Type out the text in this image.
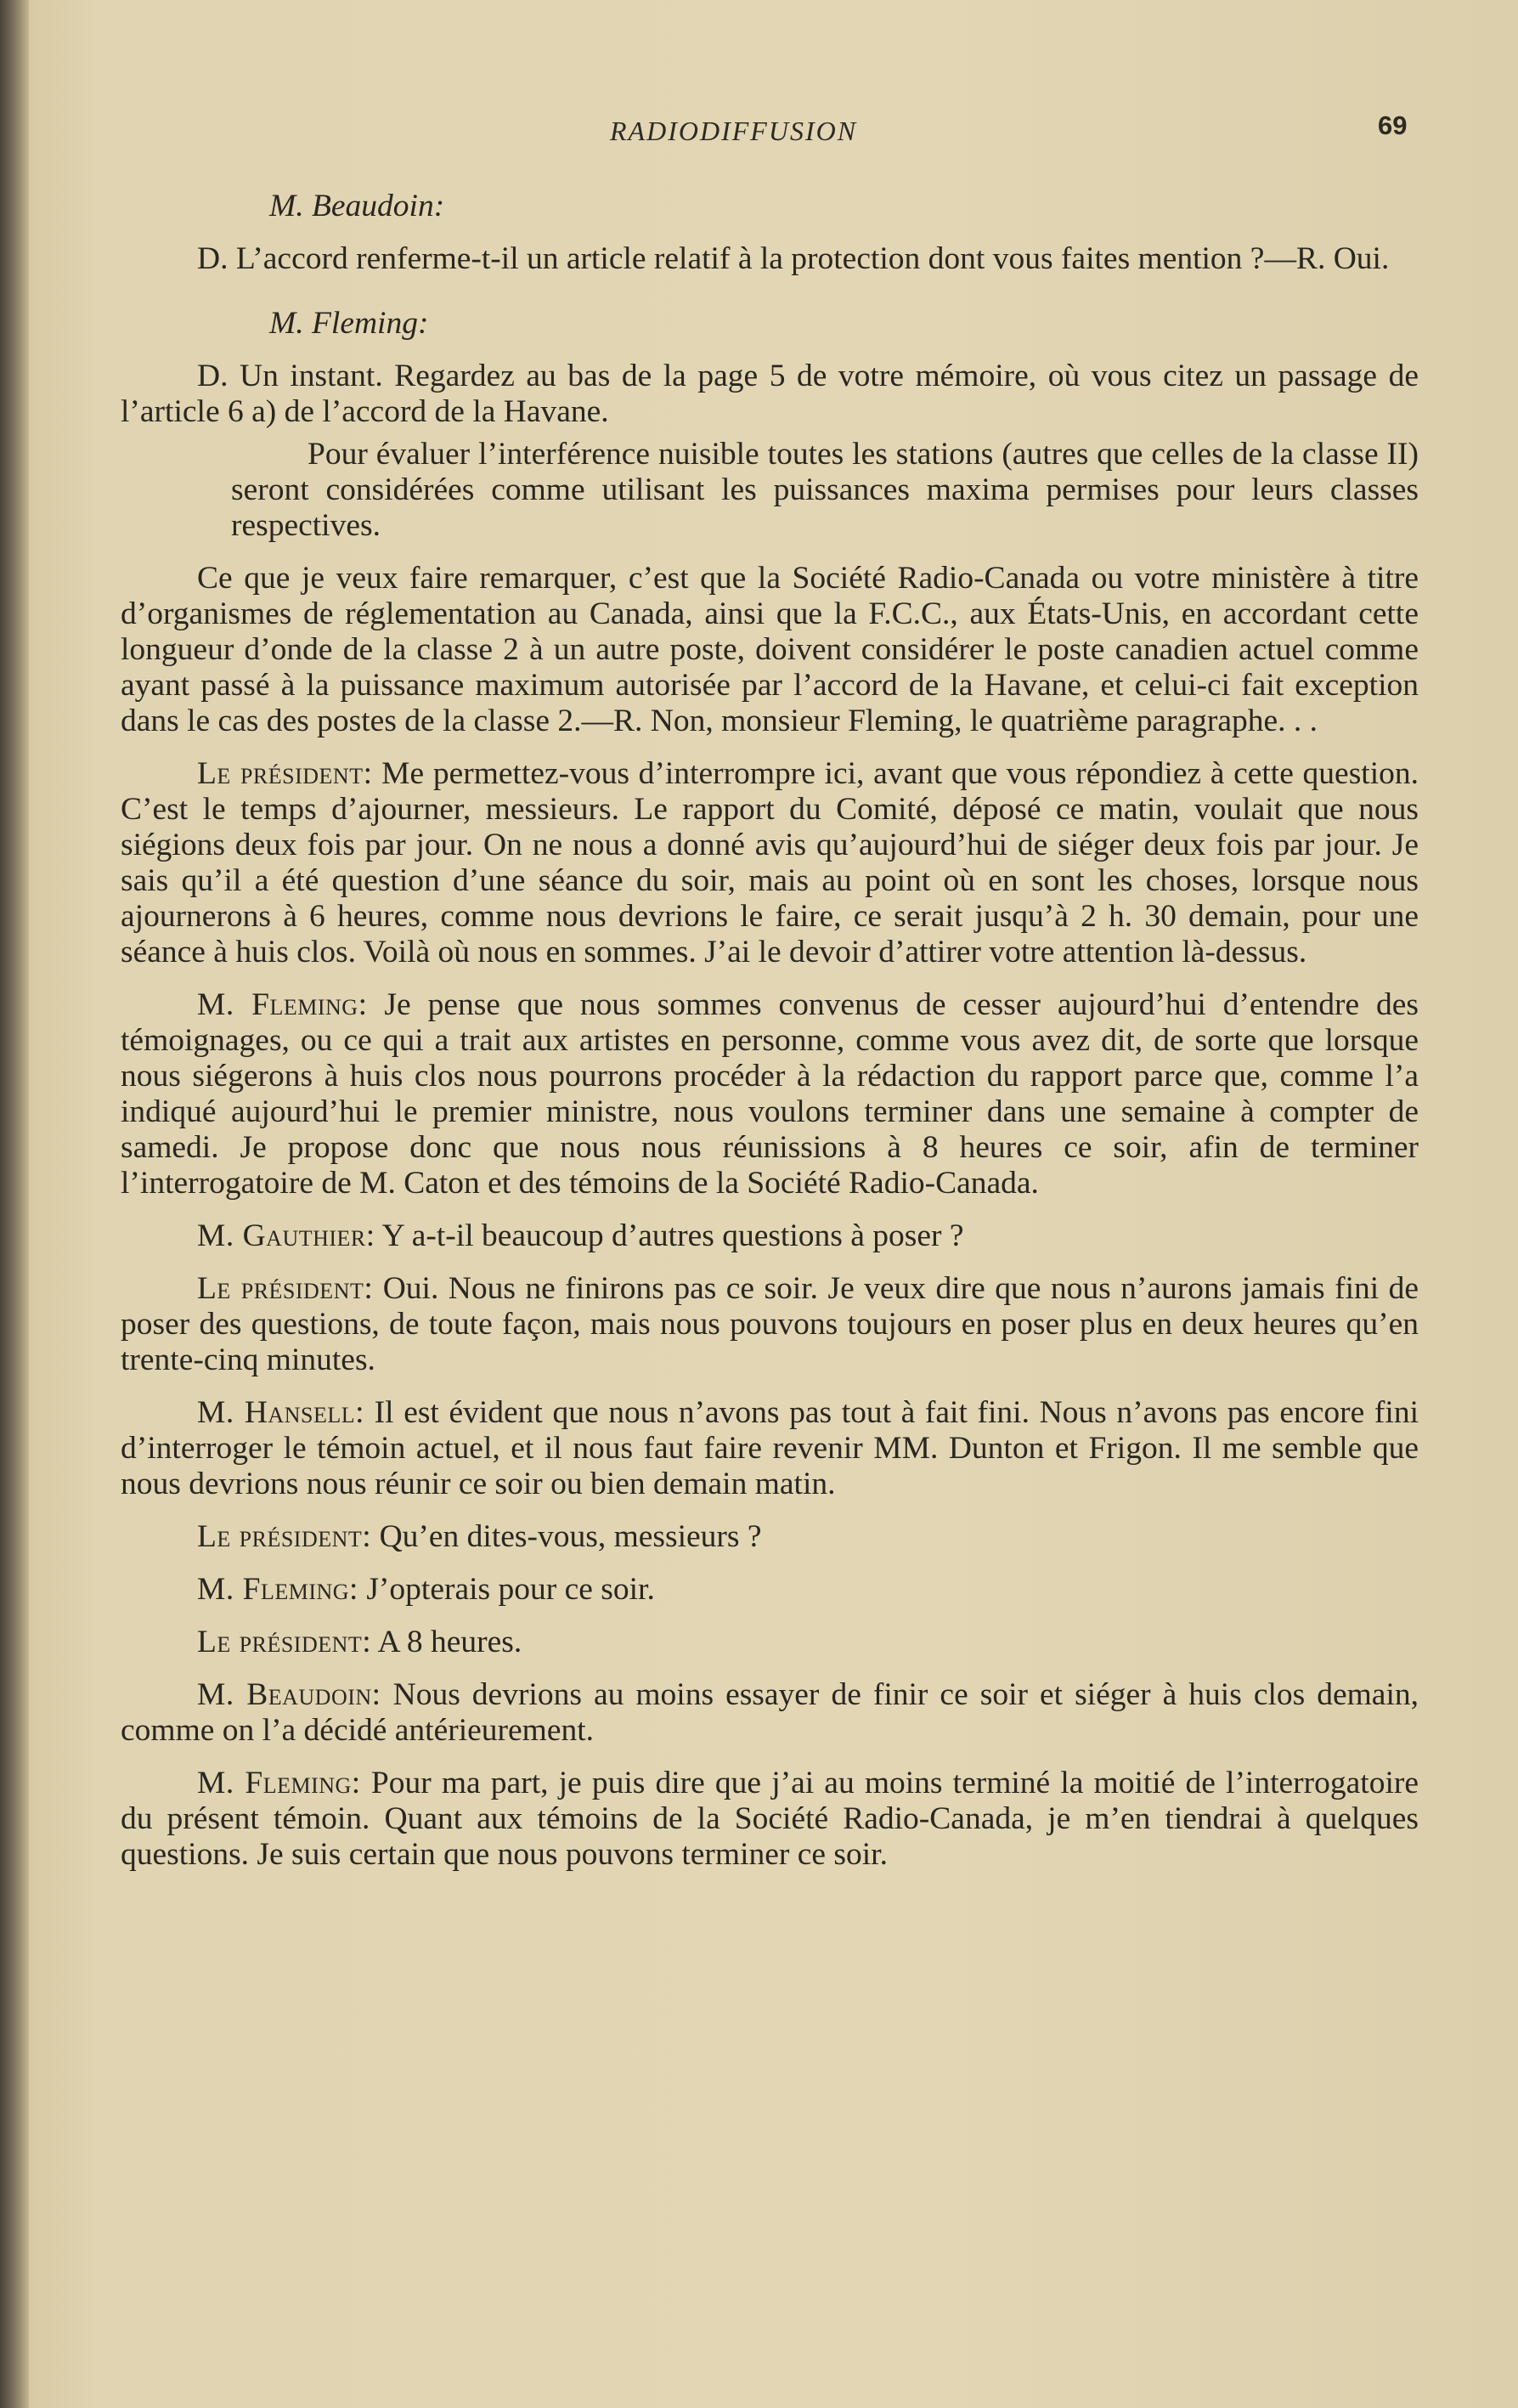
RADIODIFFUSION	69

M. Beaudoin:

D. L’accord renferme-t-il un article relatif à la protection dont vous faites mention ?—R. Oui.

M. Fleming:

D. Un instant. Regardez au bas de la page 5 de votre mémoire, où vous citez un passage de l’article 6 a) de l’accord de la Havane.

Pour évaluer l’interférence nuisible toutes les stations (autres que celles de la classe II) seront considérées comme utilisant les puissances maxima permises pour leurs classes respectives.

Ce que je veux faire remarquer, c’est que la Société Radio-Canada ou votre ministère à titre d’organismes de réglementation au Canada, ainsi que la F.C.C., aux États-Unis, en accordant cette longueur d’onde de la classe 2 à un autre poste, doivent considérer le poste canadien actuel comme ayant passé à la puissance maximum autorisée par l’accord de la Havane, et celui-ci fait exception dans le cas des postes de la classe 2.—R. Non, monsieur Fleming, le quatrième paragraphe. . .

Le président: Me permettez-vous d’interrompre ici, avant que vous répondiez à cette question. C’est le temps d’ajourner, messieurs. Le rapport du Comité, déposé ce matin, voulait que nous siégions deux fois par jour. On ne nous a donné avis qu’aujourd’hui de siéger deux fois par jour. Je sais qu’il a été question d’une séance du soir, mais au point où en sont les choses, lorsque nous ajournerons à 6 heures, comme nous devrions le faire, ce serait jusqu’à 2 h. 30 demain, pour une séance à huis clos. Voilà où nous en sommes. J’ai le devoir d’attirer votre attention là-dessus.

M. Fleming: Je pense que nous sommes convenus de cesser aujourd’hui d’entendre des témoignages, ou ce qui a trait aux artistes en personne, comme vous avez dit, de sorte que lorsque nous siégerons à huis clos nous pourrons procéder à la rédaction du rapport parce que, comme l’a indiqué aujourd’hui le premier ministre, nous voulons terminer dans une semaine à compter de samedi. Je propose donc que nous nous réunissions à 8 heures ce soir, afin de terminer l’interrogatoire de M. Caton et des témoins de la Société Radio-Canada.

M. Gauthier: Y a-t-il beaucoup d’autres questions à poser ?

Le président: Oui. Nous ne finirons pas ce soir. Je veux dire que nous n’aurons jamais fini de poser des questions, de toute façon, mais nous pouvons toujours en poser plus en deux heures qu’en trente-cinq minutes.

M. Hansell: Il est évident que nous n’avons pas tout à fait fini. Nous n’avons pas encore fini d’interroger le témoin actuel, et il nous faut faire revenir MM. Dunton et Frigon. Il me semble que nous devrions nous réunir ce soir ou bien demain matin.

Le président: Qu’en dites-vous, messieurs ?

M. Fleming: J’opterais pour ce soir.

Le président: A 8 heures.

M. Beaudoin: Nous devrions au moins essayer de finir ce soir et siéger à huis clos demain, comme on l’a décidé antérieurement.

M. Fleming: Pour ma part, je puis dire que j’ai au moins terminé la moitié de l’interrogatoire du présent témoin. Quant aux témoins de la Société Radio-Canada, je m’en tiendrai à quelques questions. Je suis certain que nous pouvons terminer ce soir.
